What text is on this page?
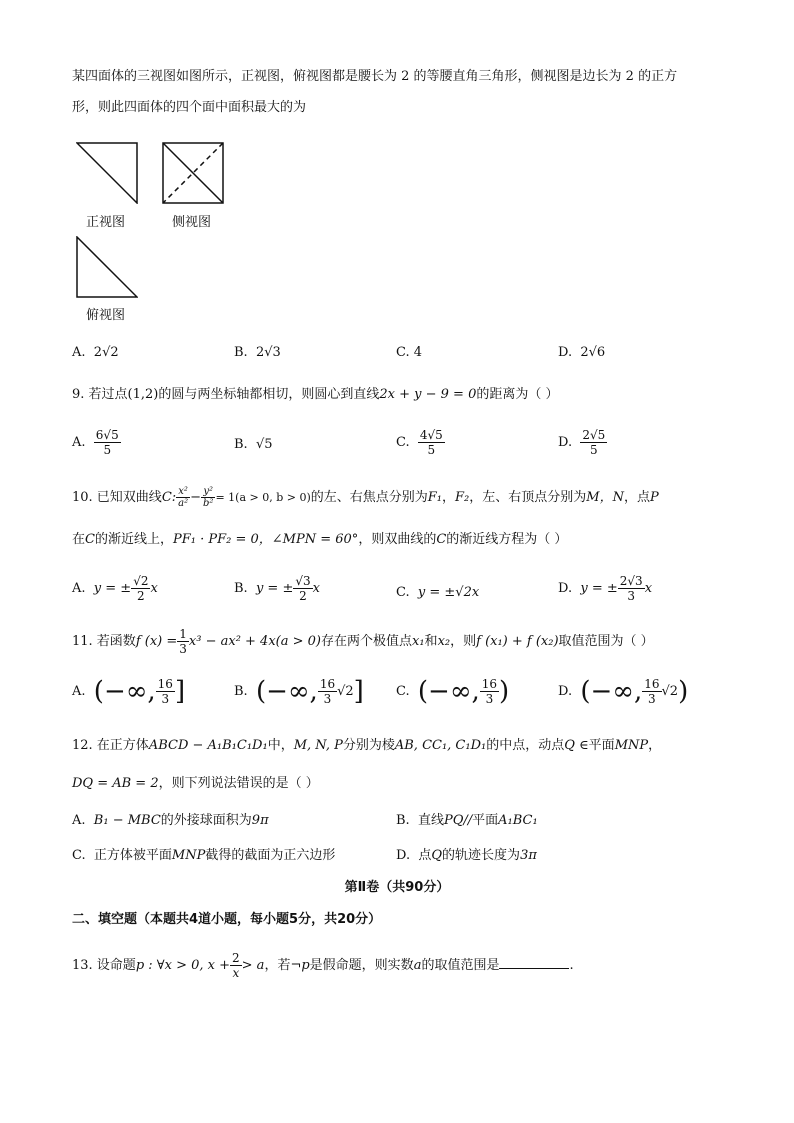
某四面体的三视图如图所示，正视图，俯视图都是腰长为 2 的等腰直角三角形，侧视图是边长为 2 的正方
形，则此四面体的四个面中面积最大的为
正视图	侧视图
俯视图
A. 2√2	B. 2√3	C. 4	D. 2√6
9. 若过点(1,2)的圆与两坐标轴都相切，则圆心到直线2x + y − 9 = 0的距离为（ ）
A. $\frac{6√5}{5}$	B. √5	C. $\frac{4√5}{5}$	D. $\frac{2√5}{5}$
10. 已知双曲线C: $\frac{\text{x²}}{\text{a²}} - \frac{\text{y²}}{\text{b²}} = 1(a > 0$, b > 0)的左、右焦点分别为F₁，F₂，左、右顶点分别为M，N，点P
在C的渐近线上，PF₁ · PF₂ = 0，∠MPN = 60°，则双曲线的C的渐近线方程为（ ）
A. y = ± $\frac{√2}{2}$ x	B. y = ± $\frac{√3}{2}$ x	C. y = ±√2x	D. y = ± $\frac{2√3}{3}$ x
11. 若函数f $(x) = \frac{1}{3} x^3 - ax^2 + 4x(a > 0)$存在两个极值点x₁和x₂，则f (x₁) + f (x₂)取值范围为（ ）
A. (−∞, $\frac{16}{3}$ ]	B. (−∞, $\frac{16}{3} √2$] C. (−∞, $\frac{16}{3}$ )	D. (−∞, $\frac{16}{3} √2$)
12. 在正方体ABCD − A₁B₁C₁D₁中，M, N, P分别为棱AB, CC₁, C₁D₁的中点，动点Q ∈平面MNP，
DQ = AB = 2，则下列说法错误的是（ ）
A. B₁ − MBC的外接球面积为9π	B. 直线PQ//平面A₁BC₁
C. 正方体被平面MNP截得的截面为正六边形	D. 点Q的轨迹长度为3π
第Ⅱ卷（共90分）
二、填空题（本题共4道小题，每小题5分，共20分）
13. 设命题p : ∀x > 0, $x + \frac{2}{x} > a$，若¬p是假命题，则实数a的取值范围是	.
